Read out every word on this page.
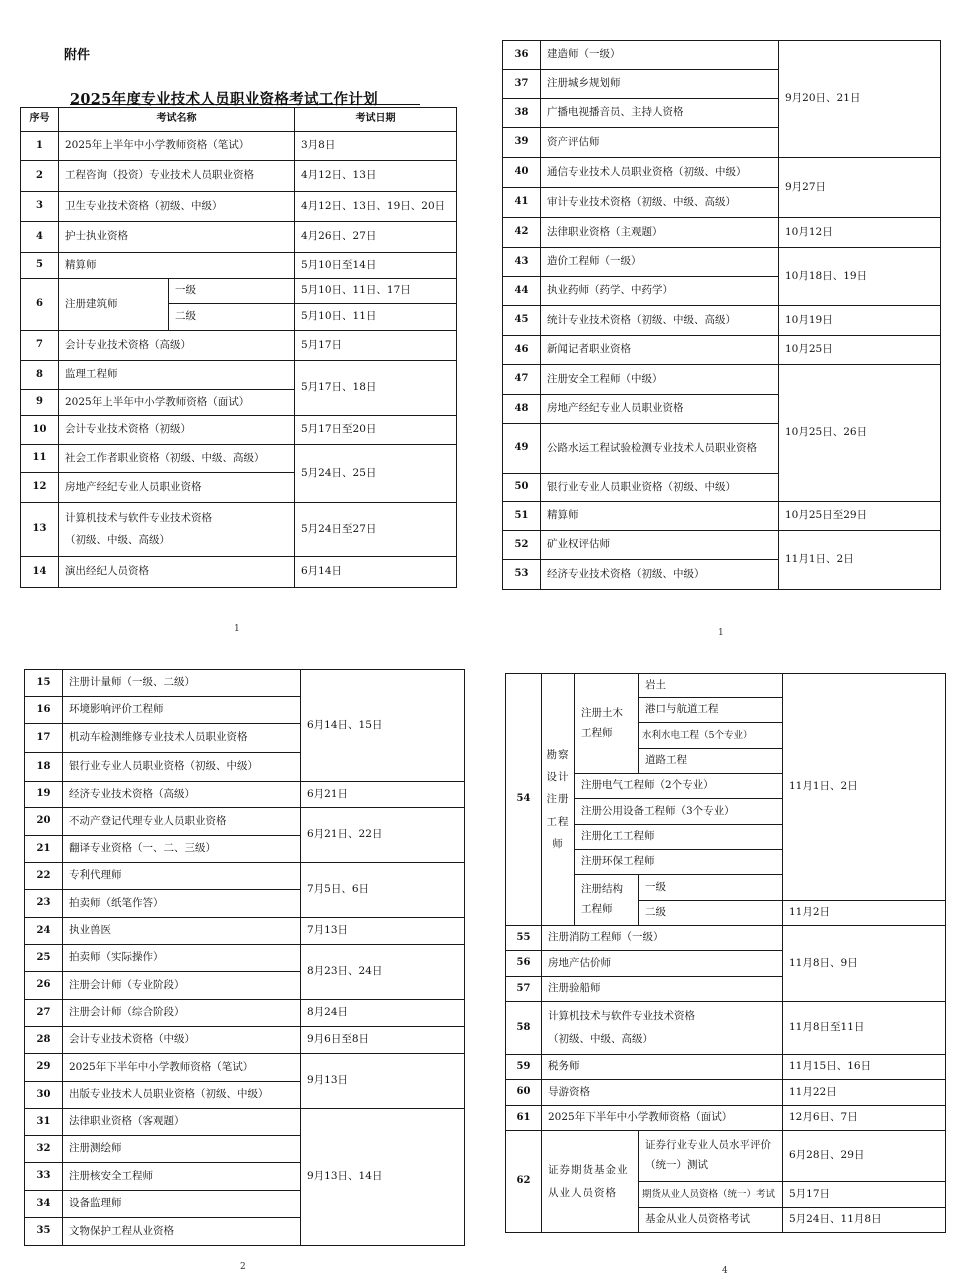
附件
2025年度专业技术人员职业资格考试工作计划
序号	考试名称		考试日期
1	2025年上半年中小学教师资格（笔试）		3月8日
2	工程咨询（投资）专业技术人员职业资格		4月12日、13日
3	卫生专业技术资格（初级、中级）		4月12日、13日、19日、20日
4	护士执业资格		4月26日、27日
5	精算师		5月10日至14日
6	注册建筑师	一级	5月10日、11日、17日
		二级	5月10日、11日
7	会计专业技术资格（高级）		5月17日
8	监理工程师		5月17日、18日
9	2025年上半年中小学教师资格（面试）		
10	会计专业技术资格（初级）		5月17日至20日
11	社会工作者职业资格（初级、中级、高级）		5月24日、25日
12	房地产经纪专业人员职业资格		
13	计算机技术与软件专业技术资格
（初级、中级、高级）		5月24日至27日
14	演出经纪人员资格		6月14日
1
36	建造师（一级）	9月20日、21日
37	注册城乡规划师	
38	广播电视播音员、主持人资格	
39	资产评估师	
40	通信专业技术人员职业资格（初级、中级）	9月27日
41	审计专业技术资格（初级、中级、高级）	
42	法律职业资格（主观题）	10月12日
43	造价工程师（一级）	10月18日、19日
44	执业药师（药学、中药学）	
45	统计专业技术资格（初级、中级、高级）	10月19日
46	新闻记者职业资格	10月25日
47	注册安全工程师（中级）	10月25日、26日
48	房地产经纪专业人员职业资格	
49	公路水运工程试验检测专业技术人员职业资格	
50	银行业专业人员职业资格（初级、中级）	
51	精算师	10月25日至29日
52	矿业权评估师	11月1日、2日
53	经济专业技术资格（初级、中级）	
1
15	注册计量师（一级、二级）	6月14日、15日
16	环境影响评价工程师	
17	机动车检测维修专业技术人员职业资格	
18	银行业专业人员职业资格（初级、中级）	
19	经济专业技术资格（高级）	6月21日
20	不动产登记代理专业人员职业资格	6月21日、22日
21	翻译专业资格（一、二、三级）	
22	专利代理师	7月5日、6日
23	拍卖师（纸笔作答）	
24	执业兽医	7月13日
25	拍卖师（实际操作）	8月23日、24日
26	注册会计师（专业阶段）	
27	注册会计师（综合阶段）	8月24日
28	会计专业技术资格（中级）	9月6日至8日
29	2025年下半年中小学教师资格（笔试）	9月13日
30	出版专业技术人员职业资格（初级、中级）	
31	法律职业资格（客观题）	9月13日、14日
32	注册测绘师	
33	注册核安全工程师	
34	设备监理师	
35	文物保护工程从业资格	
2
54	勘察设计注册工程师	注册土木工程师	岩土	11月1日、2日
			港口与航道工程	
			水利水电工程（5个专业）	
			道路工程	
		注册电气工程师（2个专业）		
		注册公用设备工程师（3个专业）		
		注册化工工程师		
		注册环保工程师		
		注册结构工程师	一级	
			二级	11月2日
55	注册消防工程师（一级）			11月8日、9日
56	房地产估价师			
57	注册验船师			
58	计算机技术与软件专业技术资格
（初级、中级、高级）			11月8日至11日
59	税务师			11月15日、16日
60	导游资格			11月22日
61	2025年下半年中小学教师资格（面试）			12月6日、7日
62	证券期货基金业从业人员资格		证券行业专业人员水平评价（统一）测试	6月28日、29日
			期货从业人员资格（统一）考试	5月17日
			基金从业人员资格考试	5月24日、11月8日
4
